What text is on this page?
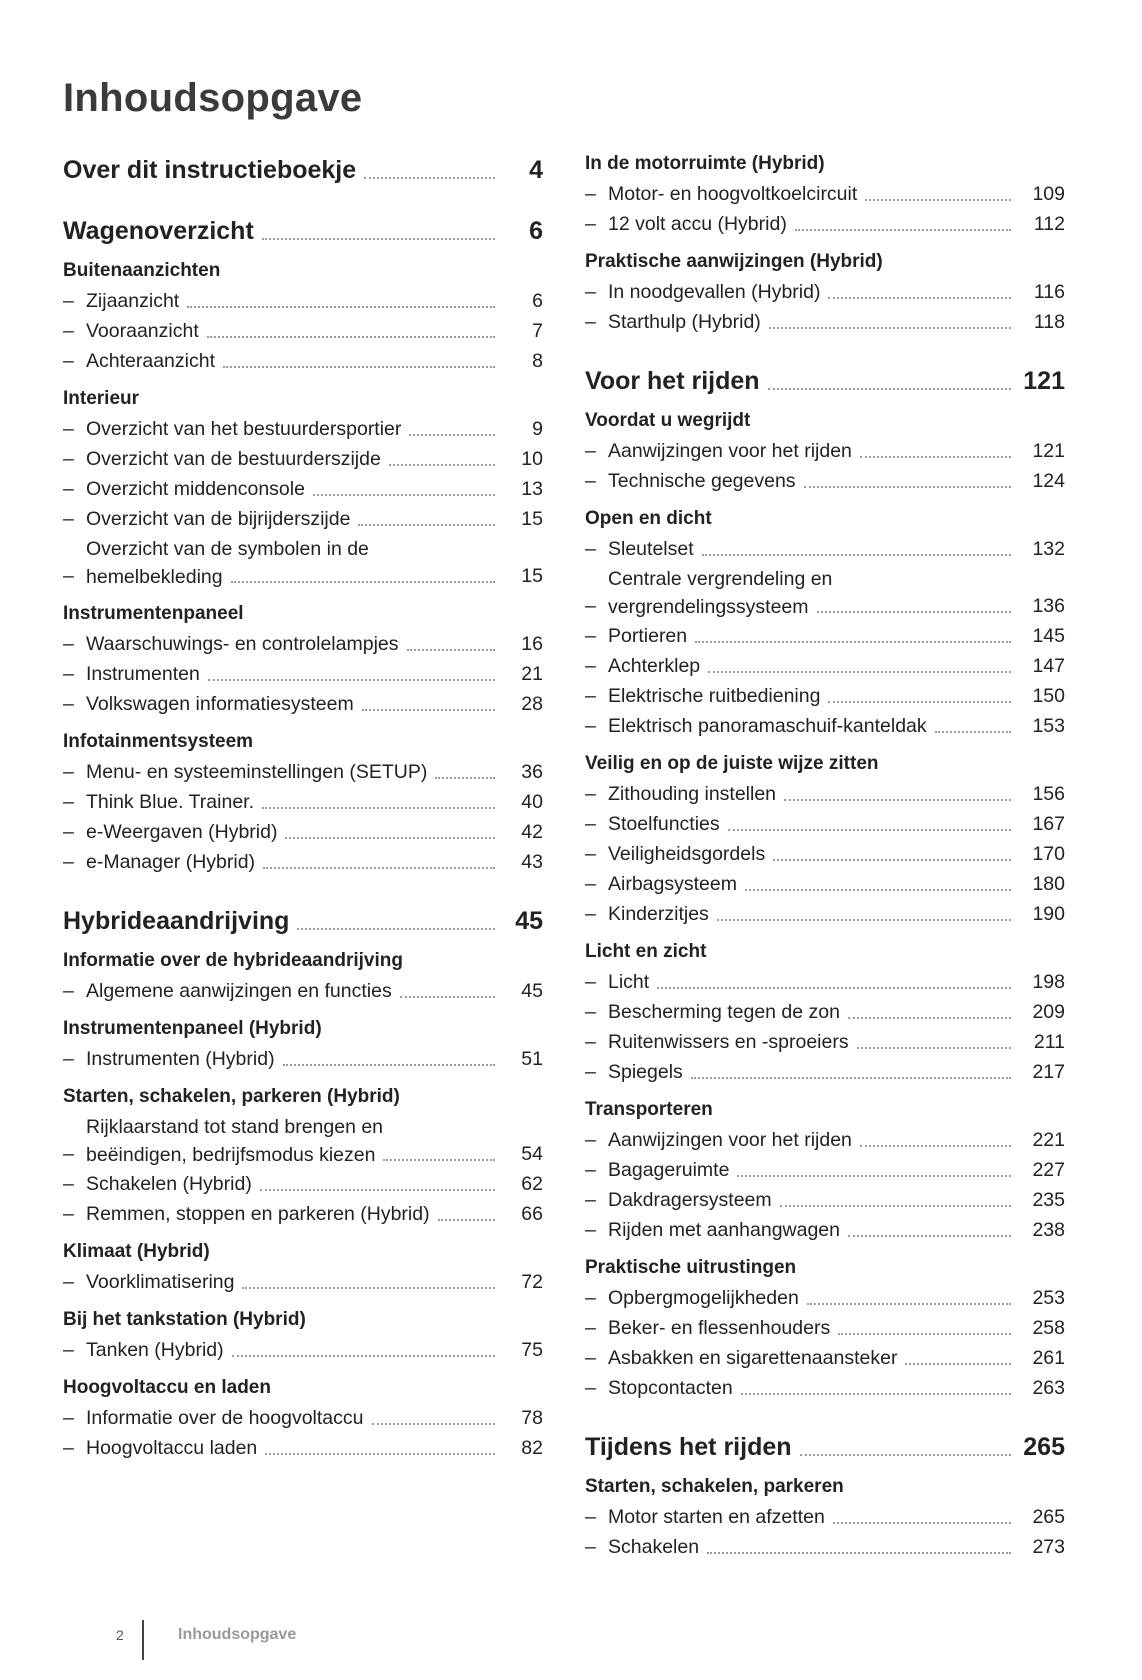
Inhoudsopgave
Over dit instructieboekje	4
Wagenoverzicht	6
Buitenaanzichten
– Zijaanzicht	6
– Vooraanzicht	7
– Achteraanzicht	8
Interieur
– Overzicht van het bestuurdersportier	9
– Overzicht van de bestuurderszijde	10
– Overzicht middenconsole	13
– Overzicht van de bijrijderszijde	15
–
Overzicht van de symbolen in de
hemelbekleding	15
Instrumentenpaneel
– Waarschuwings- en controlelampjes	16
– Instrumenten	21
– Volkswagen informatiesysteem	28
Infotainmentsysteem
– Menu- en systeeminstellingen (SETUP)	36
– Think Blue. Trainer.	40
– e-Weergaven (Hybrid)	42
– e-Manager (Hybrid)	43
Hybrideaandrijving	45
Informatie over de hybrideaandrijving
– Algemene aanwijzingen en functies	45
Instrumentenpaneel (Hybrid)
– Instrumenten (Hybrid)	51
Starten, schakelen, parkeren (Hybrid)
–
Rijklaarstand tot stand brengen en
beëindigen, bedrijfsmodus kiezen	54
– Schakelen (Hybrid)	62
– Remmen, stoppen en parkeren (Hybrid)	66
Klimaat (Hybrid)
– Voorklimatisering	72
Bij het tankstation (Hybrid)
– Tanken (Hybrid)	75
Hoogvoltaccu en laden
– Informatie over de hoogvoltaccu	78
– Hoogvoltaccu laden	82
In de motorruimte (Hybrid)
– Motor- en hoogvoltkoelcircuit	109
– 12 volt accu (Hybrid)	112
Praktische aanwijzingen (Hybrid)
– In noodgevallen (Hybrid)	116
– Starthulp (Hybrid)	118
Voor het rijden	121
Voordat u wegrijdt
– Aanwijzingen voor het rijden	121
– Technische gegevens	124
Open en dicht
– Sleutelset	132
–
Centrale vergrendeling en
vergrendelingssysteem	136
– Portieren	145
– Achterklep	147
– Elektrische ruitbediening	150
– Elektrisch panoramaschuif-kanteldak	153
Veilig en op de juiste wijze zitten
– Zithouding instellen	156
– Stoelfuncties	167
– Veiligheidsgordels	170
– Airbagsysteem	180
– Kinderzitjes	190
Licht en zicht
– Licht	198
– Bescherming tegen de zon	209
– Ruitenwissers en -sproeiers	211
– Spiegels	217
Transporteren
– Aanwijzingen voor het rijden	221
– Bagageruimte	227
– Dakdragersysteem	235
– Rijden met aanhangwagen	238
Praktische uitrustingen
– Opbergmogelijkheden	253
– Beker- en flessenhouders	258
– Asbakken en sigarettenaansteker	261
– Stopcontacten	263
Tijdens het rijden	265
Starten, schakelen, parkeren
– Motor starten en afzetten	265
– Schakelen	273
2	Inhoudsopgave
